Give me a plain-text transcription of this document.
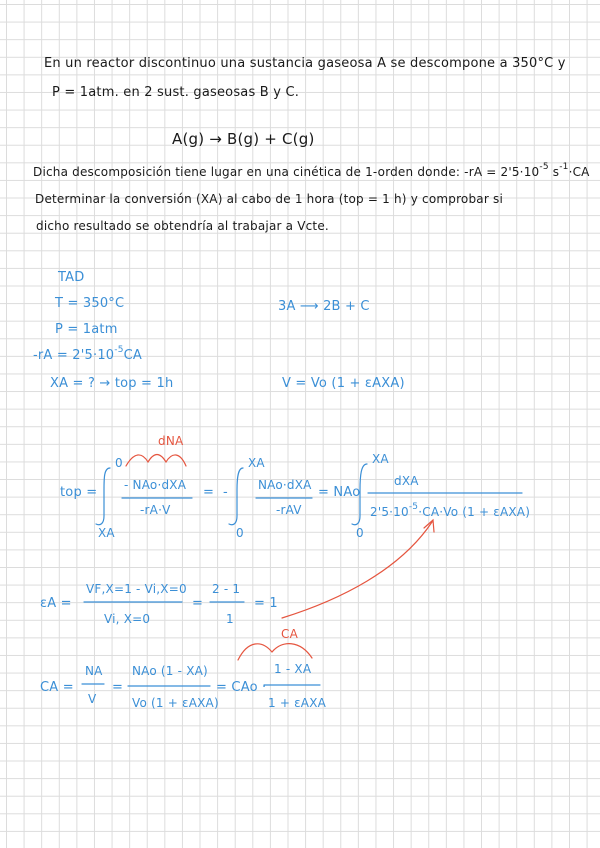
En un reactor discontinuo una sustancia gaseosa A se descompone a 350°C y
P = 1atm. en 2 sust. gaseosas B y C.
A(g) → B(g) + C(g)
Dicha descomposición tiene lugar en una cinética de 1-orden donde: $-rA = 2'5\cdot 10^{-5}$ $s^{-1}\cdot CA$
Determinar la conversión (XA) al cabo de 1 hora (top = 1 h) y comprobar si
dicho resultado se obtendría al trabajar a Vcte.
TAD
T = 350°C
P = 1atm
$-rA = 2'5\cdot 10^{-5}CA$
XA = ? → top = 1h
3A ⟶ 2B + C
V = Vo (1 + εAXA)
dNA
top =
0
XA
- NAo·dXA
-rA·V
= -
XA
0
NAo·dXA
-rAV
= NAo
XA
0
dXA
$2'5\cdot 10^{-5}\cdot CA\cdot Vo$ (1 + εAXA)
εA =
VF,X=1 - Vi,X=0
Vi, X=0
=
2 - 1
1
= 1
CA
CA =
NA
V
=
NAo (1 - XA)
Vo (1 + εAXA)
= CAo ·
1 - XA
1 + εAXA
